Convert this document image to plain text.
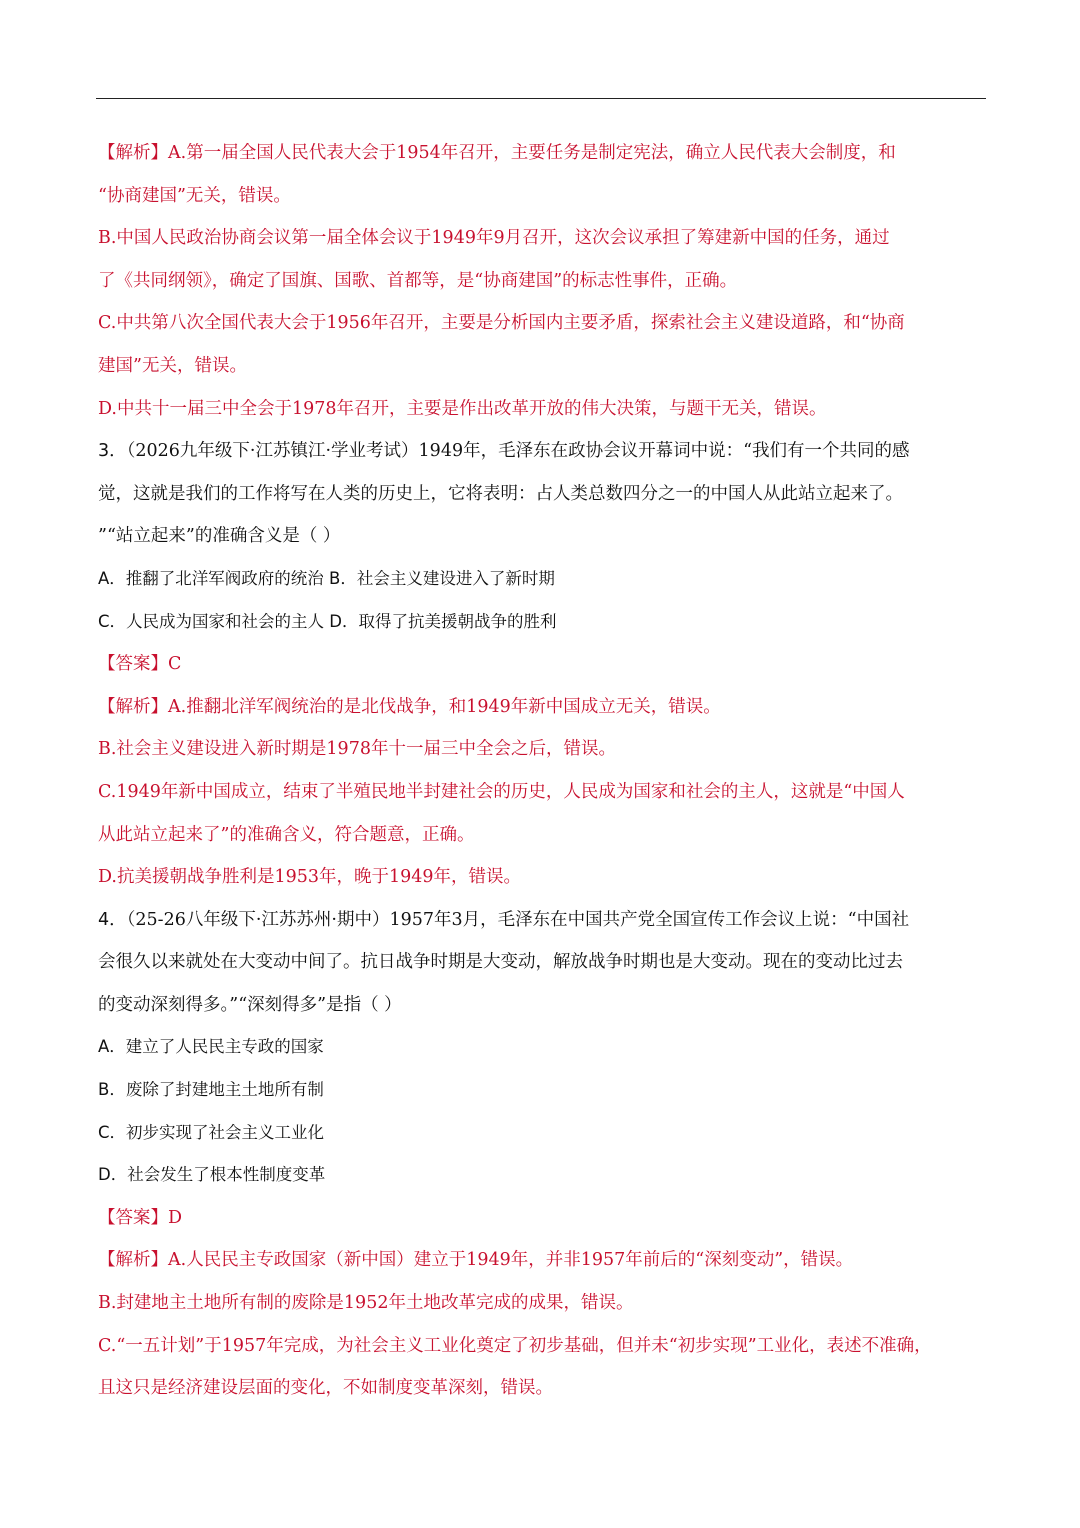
【解析】A.第一届全国人民代表大会于1954年召开，主要任务是制定宪法，确立人民代表大会制度，和
“协商建国”无关，错误。
B.中国人民政治协商会议第一届全体会议于1949年9月召开，这次会议承担了筹建新中国的任务，通过
了《共同纲领》，确定了国旗、国歌、首都等，是“协商建国”的标志性事件，正确。
C.中共第八次全国代表大会于1956年召开，主要是分析国内主要矛盾，探索社会主义建设道路，和“协商
建国”无关，错误。
D.中共十一届三中全会于1978年召开，主要是作出改革开放的伟大决策，与题干无关，错误。
3．（2026九年级下·江苏镇江·学业考试）1949年，毛泽东在政协会议开幕词中说：“我们有一个共同的感
觉，这就是我们的工作将写在人类的历史上，它将表明：占人类总数四分之一的中国人从此站立起来了。
”“站立起来”的准确含义是（ ）
A．推翻了北洋军阀政府的统治 B．社会主义建设进入了新时期
C．人民成为国家和社会的主人 D．取得了抗美援朝战争的胜利
【答案】C
【解析】A.推翻北洋军阀统治的是北伐战争，和1949年新中国成立无关，错误。
B.社会主义建设进入新时期是1978年十一届三中全会之后，错误。
C.1949年新中国成立，结束了半殖民地半封建社会的历史，人民成为国家和社会的主人，这就是“中国人
从此站立起来了”的准确含义，符合题意，正确。
D.抗美援朝战争胜利是1953年，晚于1949年，错误。
4．（25-26八年级下·江苏苏州·期中）1957年3月，毛泽东在中国共产党全国宣传工作会议上说：“中国社
会很久以来就处在大变动中间了。抗日战争时期是大变动，解放战争时期也是大变动。现在的变动比过去
的变动深刻得多。”“深刻得多”是指（ ）
A．建立了人民民主专政的国家
B．废除了封建地主土地所有制
C．初步实现了社会主义工业化
D．社会发生了根本性制度变革
【答案】D
【解析】A.人民民主专政国家（新中国）建立于1949年，并非1957年前后的“深刻变动”，错误。
B.封建地主土地所有制的废除是1952年土地改革完成的成果，错误。
C.“一五计划”于1957年完成，为社会主义工业化奠定了初步基础，但并未“初步实现”工业化，表述不准确，
且这只是经济建设层面的变化，不如制度变革深刻，错误。
